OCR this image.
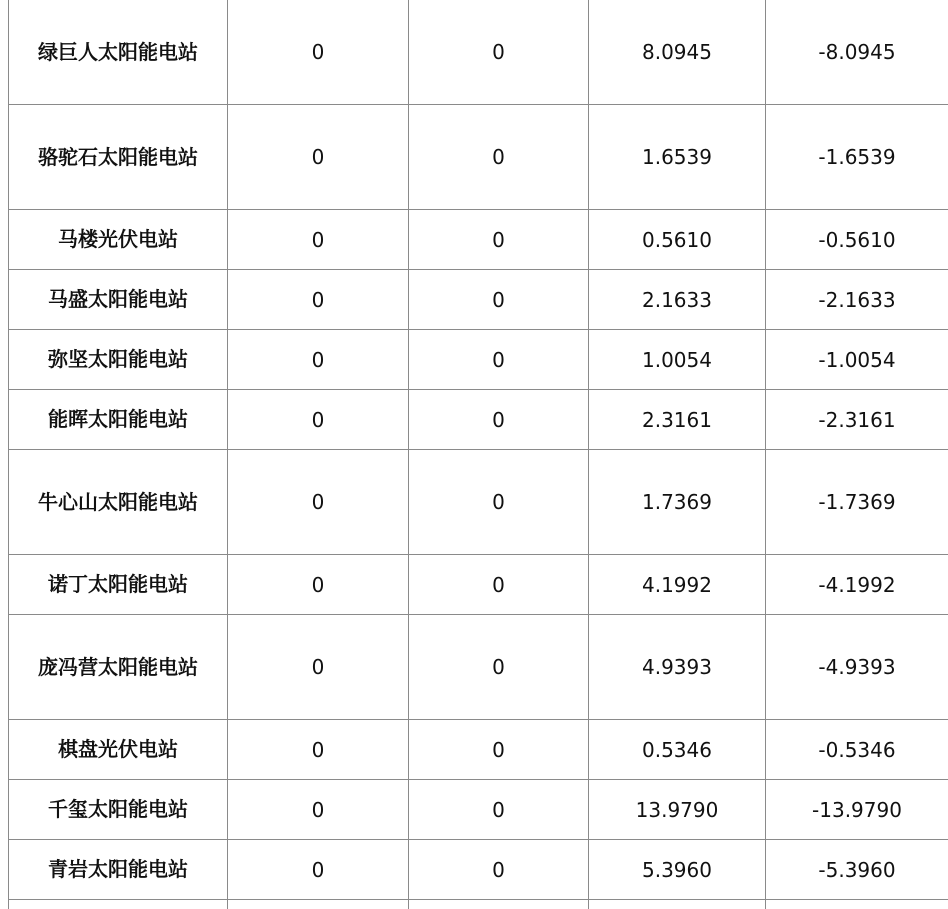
绿巨人太阳能电站	0	0	8.0945	-8.0945
骆驼石太阳能电站	0	0	1.6539	-1.6539
马楼光伏电站	0	0	0.5610	-0.5610
马盛太阳能电站	0	0	2.1633	-2.1633
弥坚太阳能电站	0	0	1.0054	-1.0054
能晖太阳能电站	0	0	2.3161	-2.3161
牛心山太阳能电站	0	0	1.7369	-1.7369
诺丁太阳能电站	0	0	4.1992	-4.1992
庞冯营太阳能电站	0	0	4.9393	-4.9393
棋盘光伏电站	0	0	0.5346	-0.5346
千玺太阳能电站	0	0	13.9790	-13.9790
青岩太阳能电站	0	0	5.3960	-5.3960
